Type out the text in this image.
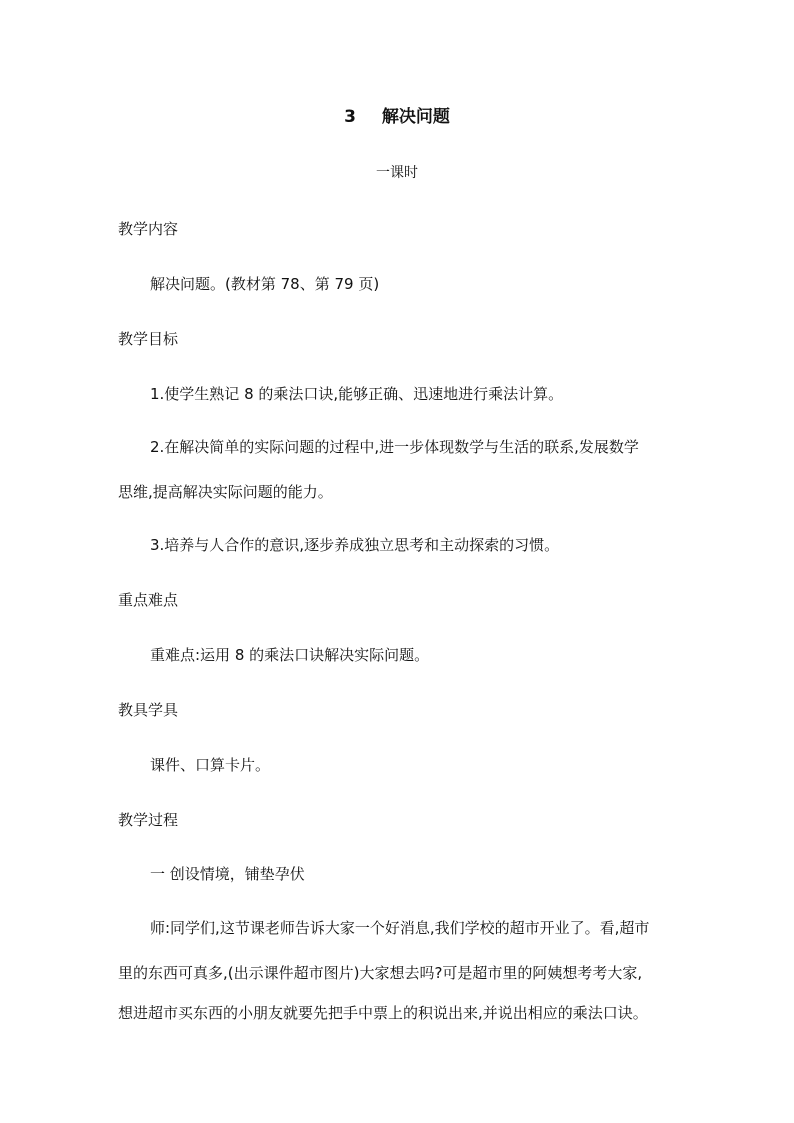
3 解决问题
一课时
教学内容
解决问题。(教材第 78、第 79 页)
教学目标
1.使学生熟记 8 的乘法口诀,能够正确、迅速地进行乘法计算。
2.在解决简单的实际问题的过程中,进一步体现数学与生活的联系,发展数学
思维,提高解决实际问题的能力。
3.培养与人合作的意识,逐步养成独立思考和主动探索的习惯。
重点难点
重难点:运用 8 的乘法口诀解决实际问题。
教具学具
课件、口算卡片。
教学过程
一 创设情境，铺垫孕伏
师:同学们,这节课老师告诉大家一个好消息,我们学校的超市开业了。看,超市
里的东西可真多,(出示课件超市图片)大家想去吗?可是超市里的阿姨想考考大家,
想进超市买东西的小朋友就要先把手中票上的积说出来,并说出相应的乘法口诀。
